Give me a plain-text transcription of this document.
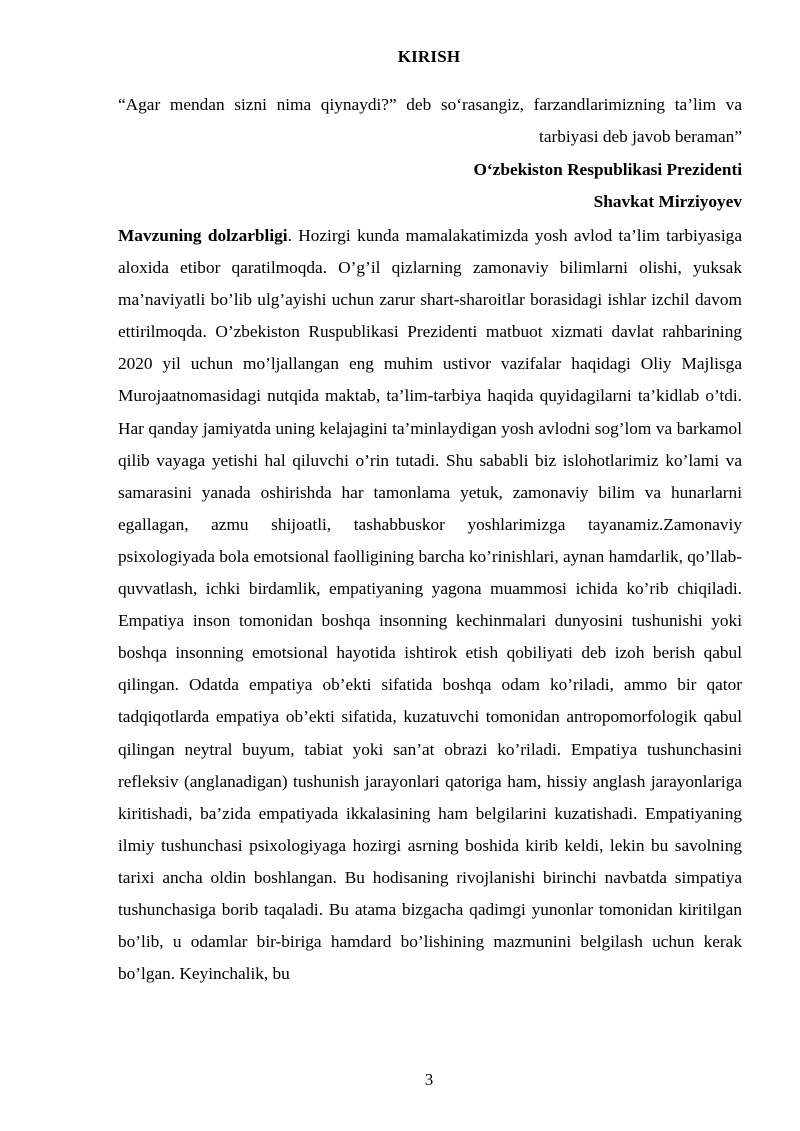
KIRISH
“Agar mendan sizni nima qiynaydi?” deb so‘rasangiz, farzandlarimizning ta’lim va tarbiyasi deb javob beraman”
O‘zbekiston Respublikasi Prezidenti
Shavkat Mirziyoyev

Mavzuning dolzarbligi. Hozirgi kunda mamalakatimizda yosh avlod ta’lim tarbiyasiga aloxida etibor qaratilmoqda. O’g’il qizlarning zamonaviy bilimlarni olishi, yuksak ma’naviyatli bo’lib ulg’ayishi uchun zarur shart-sharoitlar borasidagi ishlar izchil davom ettirilmoqda. O’zbekiston Ruspublikasi Prezidenti matbuot xizmati davlat rahbarining 2020 yil uchun mo’ljallangan eng muhim ustivor vazifalar haqidagi Oliy Majlisga Murojaatnomasidagi nutqida maktab, ta’lim-tarbiya haqida quyidagilarni ta’kidlab o’tdi. Har qanday jamiyatda uning kelajagini ta’minlaydigan yosh avlodni sog’lom va barkamol qilib vayaga yetishi hal qiluvchi o’rin tutadi. Shu sababli biz islohotlarimiz ko’lami va samarasini yanada oshirishda har tamonlama yetuk, zamonaviy bilim va hunarlarni egallagan, azmu shijoatli, tashabbuskor yoshlarimizga tayanamiz.Zamonaviy psixologiyada bola emotsional faolligining barcha ko’rinishlari, aynan hamdarlik, qo’llab-quvvatlash, ichki birdamlik, empatiyaning yagona muammosi ichida ko’rib chiqiladi. Empatiya inson tomonidan boshqa insonning kechinmalari dunyosini tushunishi yoki boshqa insonning emotsional hayotida ishtirok etish qobiliyati deb izoh berish qabul qilingan. Odatda empatiya ob’ekti sifatida boshqa odam ko’riladi, ammo bir qator tadqiqotlarda empatiya ob’ekti sifatida, kuzatuvchi tomonidan antropomorfologik qabul qilingan neytral buyum, tabiat yoki san’at obrazi ko’riladi. Empatiya tushunchasini refleksiv (anglanadigan) tushunish jarayonlari qatoriga ham, hissiy anglash jarayonlariga kiritishadi, ba’zida empatiyada ikkalasining ham belgilarini kuzatishadi. Empatiyaning ilmiy tushunchasi psixologiyaga hozirgi asrning boshida kirib keldi, lekin bu savolning tarixi ancha oldin boshlangan. Bu hodisaning rivojlanishi birinchi navbatda simpatiya tushunchasiga borib taqaladi. Bu atama bizgacha qadimgi yunonlar tomonidan kiritilgan bo’lib, u odamlar bir-biriga hamdard bo’lishining mazmunini belgilash uchun kerak bo’lgan. Keyinchalik, bu

3
